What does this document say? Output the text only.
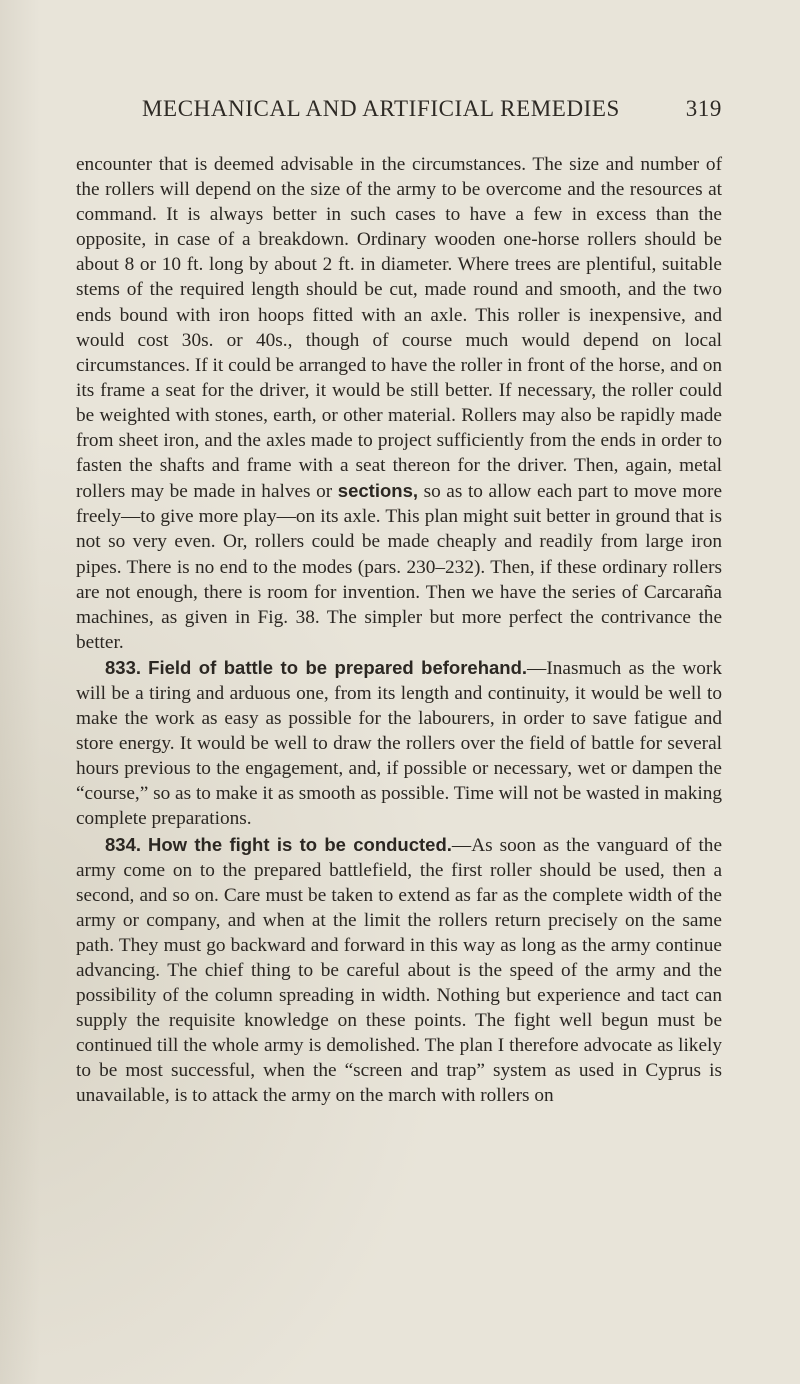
MECHANICAL AND ARTIFICIAL REMEDIES	319

encounter that is deemed advisable in the circumstances. The size and number of the rollers will depend on the size of the army to be overcome and the resources at command. It is always better in such cases to have a few in excess than the opposite, in case of a breakdown. Ordinary wooden one-horse rollers should be about 8 or 10 ft. long by about 2 ft. in diameter. Where trees are plentiful, suitable stems of the required length should be cut, made round and smooth, and the two ends bound with iron hoops fitted with an axle. This roller is inexpensive, and would cost 30s. or 40s., though of course much would depend on local circumstances. If it could be arranged to have the roller in front of the horse, and on its frame a seat for the driver, it would be still better. If necessary, the roller could be weighted with stones, earth, or other material. Rollers may also be rapidly made from sheet iron, and the axles made to project sufficiently from the ends in order to fasten the shafts and frame with a seat thereon for the driver. Then, again, metal rollers may be made in halves or sections, so as to allow each part to move more freely—to give more play—on its axle. This plan might suit better in ground that is not so very even. Or, rollers could be made cheaply and readily from large iron pipes. There is no end to the modes (pars. 230–232). Then, if these ordinary rollers are not enough, there is room for invention. Then we have the series of Carcaraña machines, as given in Fig. 38. The simpler but more perfect the contrivance the better.

833. Field of battle to be prepared beforehand.—Inasmuch as the work will be a tiring and arduous one, from its length and continuity, it would be well to make the work as easy as possible for the labourers, in order to save fatigue and store energy. It would be well to draw the rollers over the field of battle for several hours previous to the engagement, and, if possible or necessary, wet or dampen the “course,” so as to make it as smooth as possible. Time will not be wasted in making complete preparations.

834. How the fight is to be conducted.—As soon as the vanguard of the army come on to the prepared battlefield, the first roller should be used, then a second, and so on. Care must be taken to extend as far as the complete width of the army or company, and when at the limit the rollers return precisely on the same path. They must go backward and forward in this way as long as the army continue advancing. The chief thing to be careful about is the speed of the army and the possibility of the column spreading in width. Nothing but experience and tact can supply the requisite knowledge on these points. The fight well begun must be continued till the whole army is demolished. The plan I therefore advocate as likely to be most successful, when the “screen and trap” system as used in Cyprus is unavailable, is to attack the army on the march with rollers on
